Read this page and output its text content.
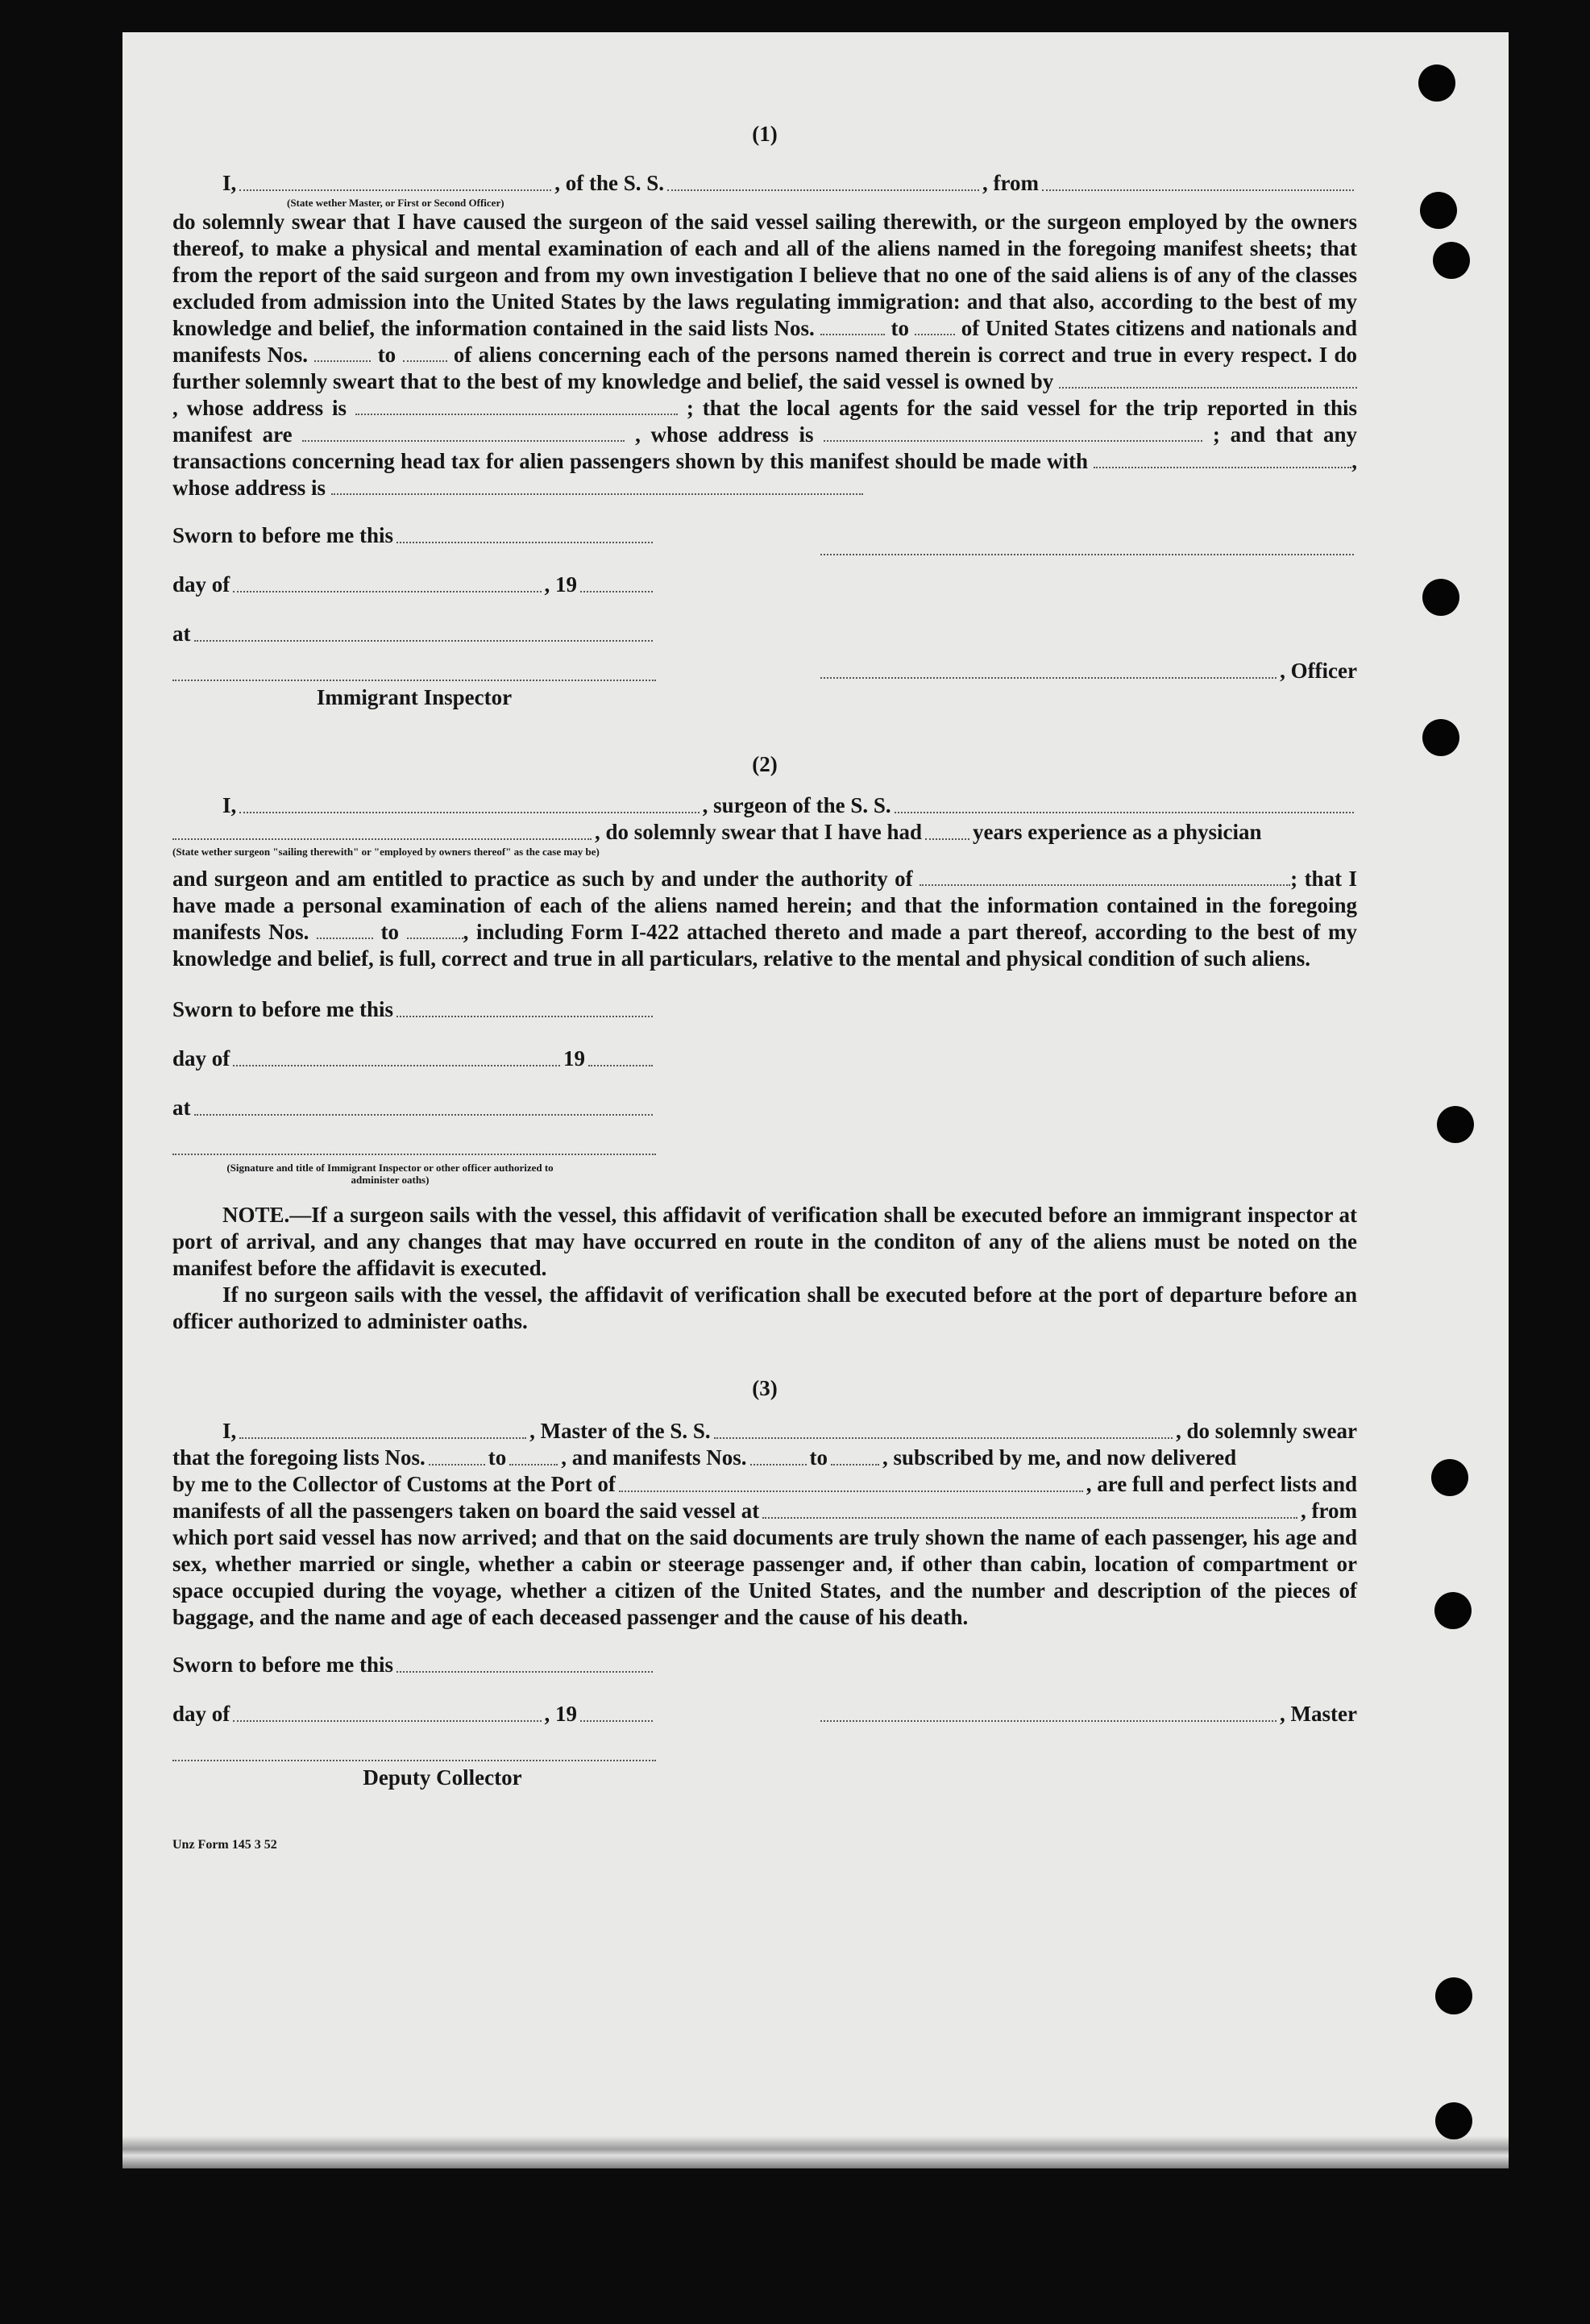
(1)

I,	, of the S. S.	, from
(State wether Master, or First or Second Officer)

do solemnly swear that I have caused the surgeon of the said vessel sailing therewith, or the surgeon employed by the owners thereof, to make a physical and mental examination of each and all of the aliens named in the foregoing manifest sheets; that from the report of the said surgeon and from my own investigation I believe that no one of the said aliens is of any of the classes excluded from admission into the United States by the laws regulating immigration: and that also, according to the best of my knowledge and belief, the information contained in the said lists Nos.	to of United States citizens and nationals and manifests Nos.	to	of aliens concerning each of the persons named therein is correct and true in every respect. I do further solemnly sweart that to the best of my knowledge and belief, the said vessel is owned by  , whose address is	; that the local agents for the said vessel for the trip reported in this manifest are	, whose address is	; and that any transactions concerning head tax for alien passengers shown by this manifest should be made with	, whose address is

Sworn to before me this
day of	, 19
at
Immigrant Inspector
, Officer

(2)

I,	, surgeon of the S. S.
, do solemnly swear that I have had years experience as a physician
(State wether surgeon "sailing therewith" or "employed by owners thereof" as the case may be)

and surgeon and am entitled to practice as such by and under the authority of	; that I have made a personal examination of each of the aliens named herein; and that the information contained in the foregoing manifests Nos.	to	, including Form I-422 attached thereto and made a part thereof, according to the best of my knowledge and belief, is full, correct and true in all particulars, relative to the mental and physical condition of such aliens.

Sworn to before me this
day of	19
at
(Signature and title of Immigrant Inspector or other officer authorized to administer oaths)

NOTE.—If a surgeon sails with the vessel, this affidavit of verification shall be executed before an immigrant inspector at port of arrival, and any changes that may have occurred en route in the conditon of any of the aliens must be noted on the manifest before the affidavit is executed.

If no surgeon sails with the vessel, the affidavit of verification shall be executed before at the port of departure before an officer authorized to administer oaths.

(3)

I,	, Master of the S. S.	, do solemnly swear
that the foregoing lists Nos.	to	, and manifests Nos.	to	, subscribed by me, and now delivered
by me to the Collector of Customs at the Port of	, are full and perfect lists and
manifests of all the passengers taken on board the said vessel at	, from

which port said vessel has now arrived; and that on the said documents are truly shown the name of each passenger, his age and sex, whether married or single, whether a cabin or steerage passenger and, if other than cabin, location of compartment or space occupied during the voyage, whether a citizen of the United States, and the number and description of the pieces of baggage, and the name and age of each deceased passenger and the cause of his death.

Sworn to before me this
day of	, 19
Deputy Collector
, Master
Unz Form 145 3 52
